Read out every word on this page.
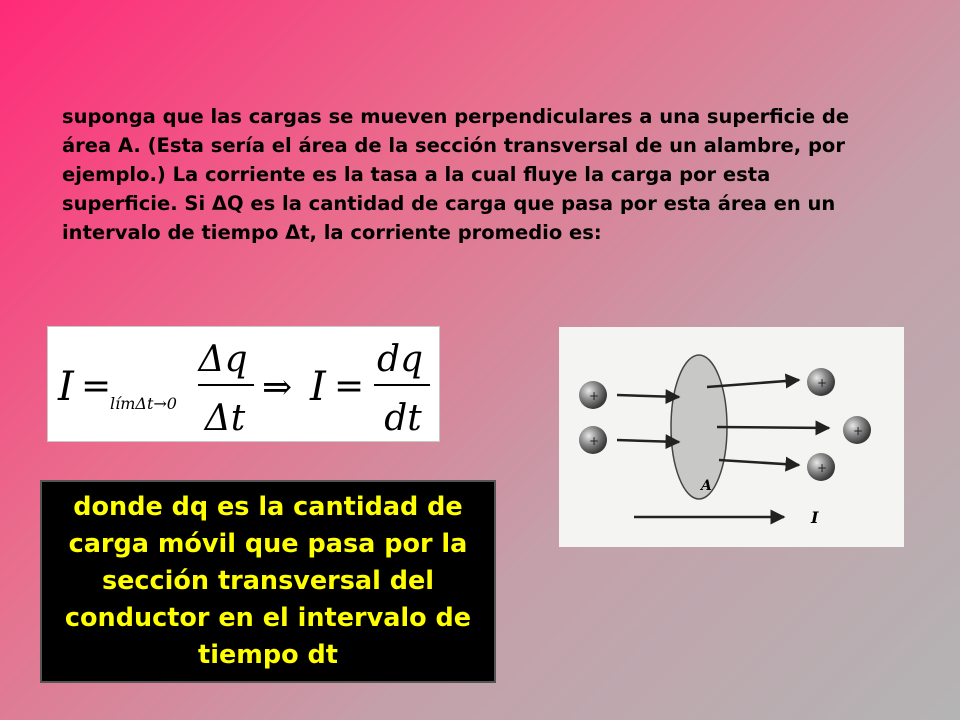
suponga que las cargas se mueven perpendiculares a una superficie de área A. (Esta sería el área de la sección transversal de un alambre, por ejemplo.) La corriente es la tasa a la cual fluye la carga por esta superficie. Si ΔQ es la cantidad de carga que pasa por esta área en un intervalo de tiempo Δt, la corriente promedio es:

I =
límΔt→0
Δq
Δt
⇒ I =
dq
dt
A
+
+
+
+
+
I

donde dq es la cantidad de carga móvil que pasa por la sección transversal del conductor en el intervalo de tiempo dt
